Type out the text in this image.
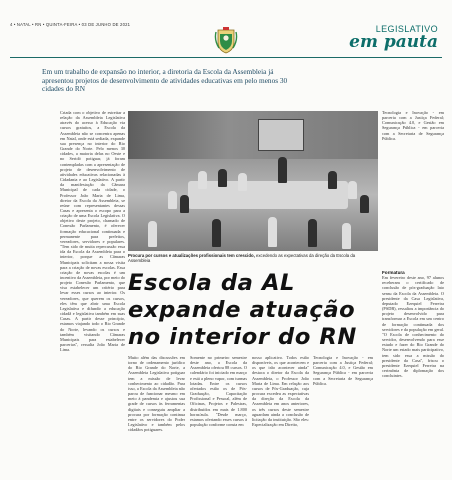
4 • NATAL • RN • QUINTA-FEIRA • 03 DE JUNHO DE 2021	LEGISLATIVO
em pauta
Em um trabalho de expansão no interior, a diretoria da Escola da Assembleia já apresentou projetos de desenvolvimento de atividades educativas em pelo menos 30 cidades do RN

Criada com o objetivo de estreitar a relação da Assembleia Legislativa através do acesso à Educação via cursos gratuitos, a Escola da Assembleia não se concentra apenas em Natal, onde está sediada, expande sua presença no interior do Rio Grande do Norte. Pelo menos 30 cidades, a maioria delas no Oeste e no Seridó potiguar, já foram contempladas com a apresentação de projeto de desenvolvimento de atividades educativas relacionadas à Cidadania e ao Legislativo. A partir da manifestação da Câmara Municipal de cada cidade, o Professor João Maria de Lima, diretor da Escola da Assembleia, se reúne com representantes dessas Casas e apresenta o escopo para a criação de uma Escola Legislativa. O objetivo deste projeto, chamado de Conexão Parlamento, é oferecer formação educacional continuada e permanente para prefeitos, vereadores, servidores e populares. "Tem sido de muita repercussão essa ida da Escola da Assembleia para o interior, porque as Câmaras Municipais solicitam a nossa visita para a criação de novas escolas. Essa criação de novas escolas é um incentivo da Assembleia, por meio do projeto Conexão Parlamento, que visa estabelecer um critério para levar esses cursos ao interior. Os vereadores, que querem os cursos, eles têm que abrir uma Escola Legislativa e difundir a educação cidadã e legislativa também em suas Casas. A partir desse princípio, estamos viajando todo o Rio Grande do Norte, levando os cursos e também visitando Câmaras Municipais para estabelecer parcerias", ressalta João Maria de Lima.

Procura por cursos e atualizações profissionais tem crescido, excedendo as expectativas da direção da Escola da Assembleia
Escola da AL expande atuação no interior do RN

Tecnologia e Inovação - em parceria com a Justiça Federal; Comunicação 4.0, e Gestão em Segurança Pública - em parceria com a Secretaria de Segurança Pública.

Formatura
Em fevereiro deste ano, 97 alunos receberam o certificado de conclusão de pós-graduação lato sensu da Escola da Assembleia. O presidente da Casa Legislativa, deputado Ezequiel Ferreira (PSDB), ressaltou a importância do projeto desenvolvido para transformar a Escola em um centro de formação continuada dos servidores e da população em geral. "O Escola de conhecimento do servidor, desenvolvendo para esse estudo e fazer do Rio Grande do Norte um estado mais participativo, tem sido essa a missão do presidente da Casa", frisou o presidente Ezequiel Ferreira na cerimônia de diplomação dos concluintes.

Muito além das discussões em torno de ordenamento jurídico do Rio Grande do Norte, a Assembleia Legislativa potiguar tem a missão de levar conhecimento ao cidadão. Para isso, a Escola da Assembleia não parou de funcionar mesmo em meio à pandemia e ajustou sua grade de cursos às ferramentas digitais e conseguiu ampliar a procura por formação continua entre os servidores do Poder Legislativo e também pelos cidadãos potiguares.

Somente no primeiro semestre deste ano, a Escola da Assembleia ofertou 88 cursos. O calendário foi iniciado em março e está a pleno vapor, com turmas lotadas. Entre os cursos ofertados estão os de Pós-Graduação, Capacitação Profissional e Pessoal, além de Oficinas, Projetos e Palestras, distribuídos em mais de 1.800 horas/aula. "Desde março, estamos ofertando esses cursos à população conforme consta em

nosso aplicativo. Todos estão disponíveis, os que acontecem e os que irão acontecer ainda" destaca o diretor da Escola da Assembleia, o Professor João Maria de Lima. Em relação aos cursos de Pós-Graduação, cuja procura excedeu as expectativas da direção da Escola da Assembleia em anos anteriores, os três cursos deste semestre aguardam ainda a conclusão de licitação da instituição. São eles: Especialização em Direito,

Tecnologia e Inovação - em parceria com a Justiça Federal; Comunicação 4.0, e Gestão em Segurança Pública - em parceria com a Secretaria de Segurança Pública.
